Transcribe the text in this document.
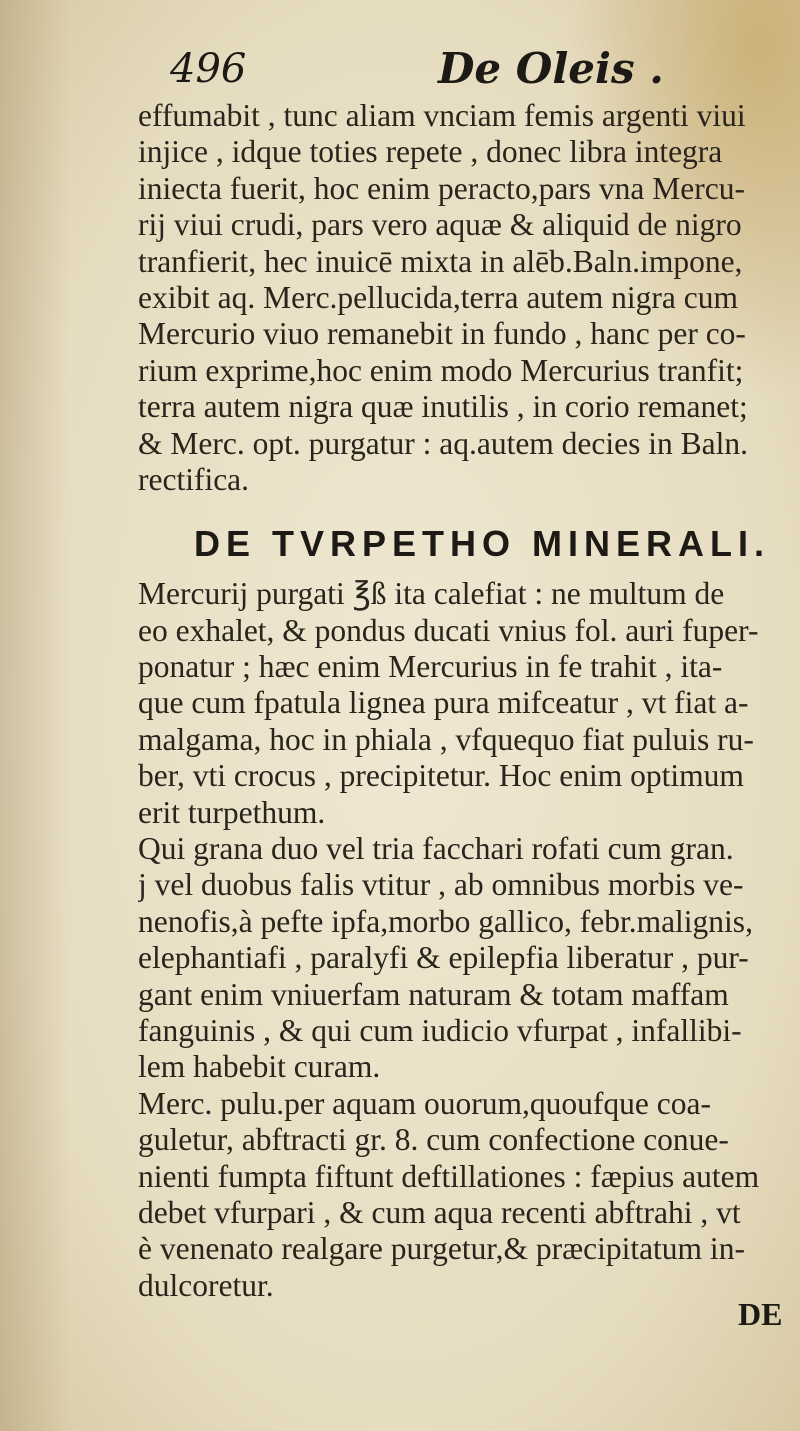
496	De Oleis .
effumabit , tunc aliam vnciam femis argenti viui
injice , idque toties repete , donec libra integra
iniecta fuerit, hoc enim peracto,pars vna Mercu-
rij viui crudi, pars vero aquæ & aliquid de nigro
tranfierit, hec inuicē mixta in alēb.Baln.impone,
exibit aq. Merc.pellucida,terra autem nigra cum
Mercurio viuo remanebit in fundo , hanc per co-
rium exprime,hoc enim modo Mercurius tranfit;
terra autem nigra quæ inutilis , in corio remanet;
& Merc. opt. purgatur : aq.autem decies in Baln.
rectifica.
DE TVRPETHO MINERALI.
Mercurij purgati ℥ß ita calefiat : ne multum de
eo exhalet, & pondus ducati vnius fol. auri fuper-
ponatur ; hæc enim Mercurius in fe trahit , ita-
que cum fpatula lignea pura mifceatur , vt fiat a-
malgama, hoc in phiala , vfquequo fiat puluis ru-
ber, vti crocus , precipitetur. Hoc enim optimum
erit turpethum.
Qui grana duo vel tria facchari rofati cum gran.
j vel duobus falis vtitur , ab omnibus morbis ve-
nenofis,à pefte ipfa,morbo gallico, febr.malignis,
elephantiafi , paralyfi & epilepfia liberatur , pur-
gant enim vniuerfam naturam & totam maffam
fanguinis , & qui cum iudicio vfurpat , infallibi-
lem habebit curam.
Merc. pulu.per aquam ouorum,quoufque coa-
guletur, abftracti gr. 8. cum confectione conue-
nienti fumpta fiftunt deftillationes : fæpius autem
debet vfurpari , & cum aqua recenti abftrahi , vt
è venenato realgare purgetur,& præcipitatum in-
dulcoretur.
DE
